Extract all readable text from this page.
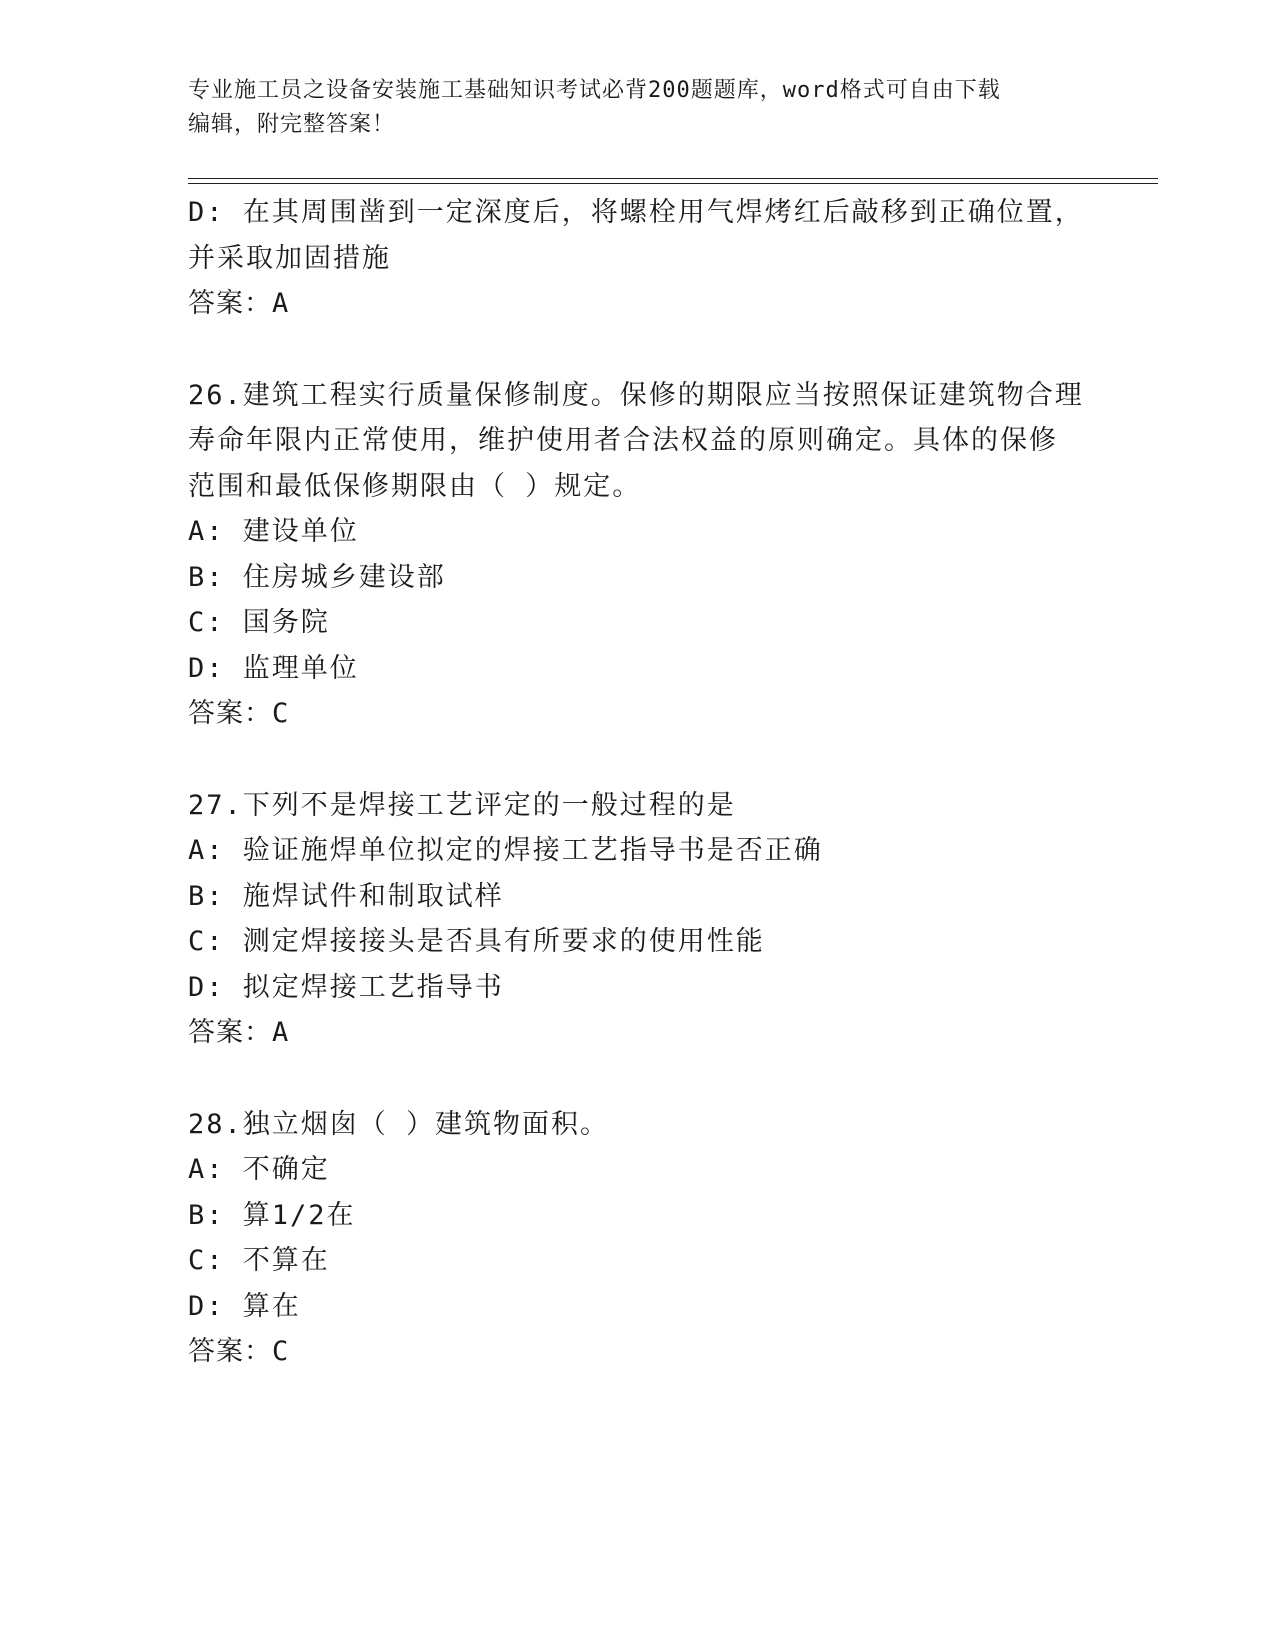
专业施工员之设备安装施工基础知识考试必背200题题库，word格式可自由下载
编辑，附完整答案！
D: 在其周围凿到一定深度后，将螺栓用气焊烤红后敲移到正确位置，
并采取加固措施
答案：A
26.建筑工程实行质量保修制度。保修的期限应当按照保证建筑物合理
寿命年限内正常使用，维护使用者合法权益的原则确定。具体的保修
范围和最低保修期限由（ ）规定。
A: 建设单位
B: 住房城乡建设部
C: 国务院
D: 监理单位
答案：C
27.下列不是焊接工艺评定的一般过程的是
A: 验证施焊单位拟定的焊接工艺指导书是否正确
B: 施焊试件和制取试样
C: 测定焊接接头是否具有所要求的使用性能
D: 拟定焊接工艺指导书
答案：A
28.独立烟囱（ ）建筑物面积。
A: 不确定
B: 算1/2在
C: 不算在
D: 算在
答案：C
